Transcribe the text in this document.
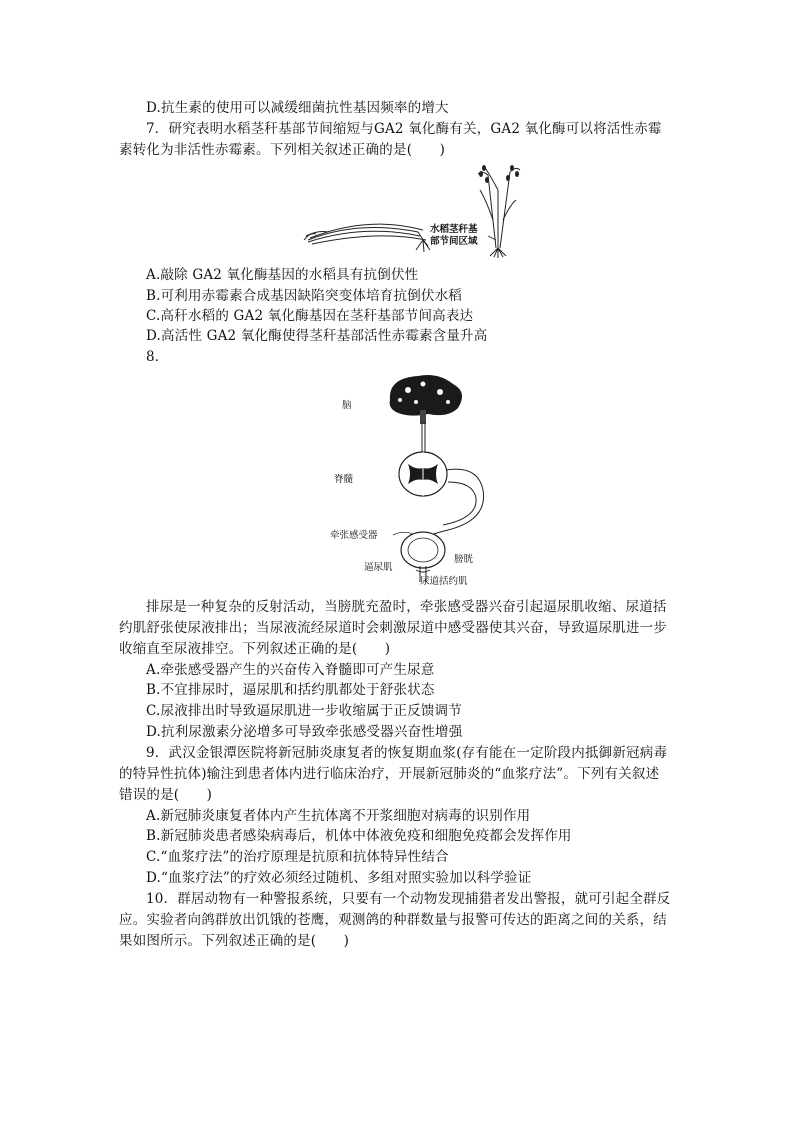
D.抗生素的使用可以减缓细菌抗性基因频率的增大
7．研究表明水稻茎秆基部节间缩短与GA2 氧化酶有关，GA2 氧化酶可以将活性赤霉
素转化为非活性赤霉素。下列相关叙述正确的是(　　)
水稻茎秆基
部节间区域
A.敲除 GA2 氧化酶基因的水稻具有抗倒伏性
B.可利用赤霉素合成基因缺陷突变体培育抗倒伏水稻
C.高秆水稻的 GA2 氧化酶基因在茎秆基部节间高表达
D.高活性 GA2 氧化酶使得茎秆基部活性赤霉素含量升高
8．
脑
脊髓
牵张感受器
膀胱
逼尿肌
尿道括约肌
排尿是一种复杂的反射活动，当膀胱充盈时，牵张感受器兴奋引起逼尿肌收缩、尿道括
约肌舒张使尿液排出；当尿液流经尿道时会刺激尿道中感受器使其兴奋，导致逼尿肌进一步
收缩直至尿液排空。下列叙述正确的是(　　)
A.牵张感受器产生的兴奋传入脊髓即可产生尿意
B.不宜排尿时，逼尿肌和括约肌都处于舒张状态
C.尿液排出时导致逼尿肌进一步收缩属于正反馈调节
D.抗利尿激素分泌增多可导致牵张感受器兴奋性增强
9．武汉金银潭医院将新冠肺炎康复者的恢复期血浆(存有能在一定阶段内抵御新冠病毒
的特异性抗体)输注到患者体内进行临床治疗，开展新冠肺炎的“血浆疗法”。下列有关叙述
错误的是(　　)
A.新冠肺炎康复者体内产生抗体离不开浆细胞对病毒的识别作用
B.新冠肺炎患者感染病毒后，机体中体液免疫和细胞免疫都会发挥作用
C.“血浆疗法”的治疗原理是抗原和抗体特异性结合
D.“血浆疗法”的疗效必须经过随机、多组对照实验加以科学验证
10．群居动物有一种警报系统，只要有一个动物发现捕猎者发出警报，就可引起全群反
应。实验者向鸽群放出饥饿的苍鹰，观测鸽的种群数量与报警可传达的距离之间的关系，结
果如图所示。下列叙述正确的是(　　)
